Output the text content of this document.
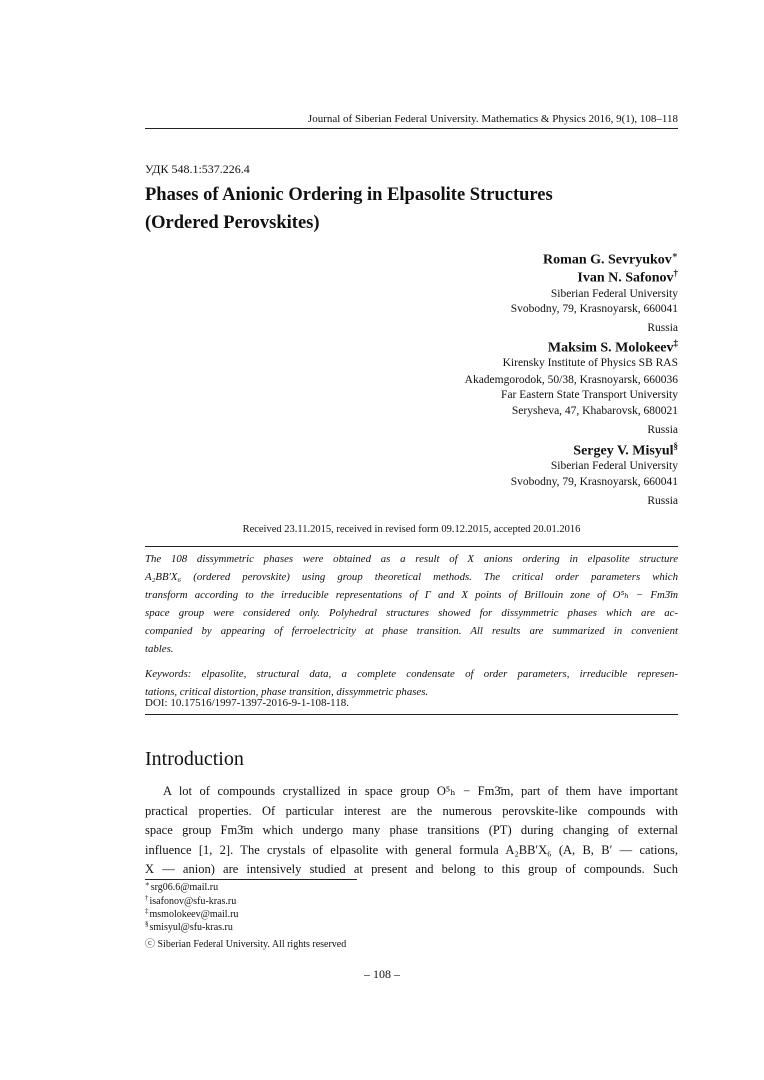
Journal of Siberian Federal University. Mathematics & Physics 2016, 9(1), 108–118
УДК 548.1:537.226.4
Phases of Anionic Ordering in Elpasolite Structures
(Ordered Perovskites)
Roman G. Sevryukov∗
Ivan N. Safonov†
Siberian Federal University
Svobodny, 79, Krasnoyarsk, 660041
Russia
Maksim S. Molokeev‡
Kirensky Institute of Physics SB RAS
Akademgorodok, 50/38, Krasnoyarsk, 660036
Far Eastern State Transport University
Serysheva, 47, Khabarovsk, 680021
Russia
Sergey V. Misyul§
Siberian Federal University
Svobodny, 79, Krasnoyarsk, 660041
Russia
Received 23.11.2015, received in revised form 09.12.2015, accepted 20.01.2016
The 108 dissymmetric phases were obtained as a result of X anions ordering in elpasolite structure
A₂BB′X₆ (ordered perovskite) using group theoretical methods. The critical order parameters which
transform according to the irreducible representations of Γ and X points of Brillouin zone of O⁵ₕ − Fm3̄m
space group were considered only. Polyhedral structures showed for dissymmetric phases which are ac-
companied by appearing of ferroelectricity at phase transition. All results are summarized in convenient
tables.
Keywords: elpasolite, structural data, a complete condensate of order parameters, irreducible represen-
tations, critical distortion, phase transition, dissymmetric phases.
DOI: 10.17516/1997-1397-2016-9-1-108-118.
Introduction
A lot of compounds crystallized in space group O⁵ₕ − Fm3̄m, part of them have important
practical properties. Of particular interest are the numerous perovskite-like compounds with
space group Fm3̄m which undergo many phase transitions (PT) during changing of external
influence [1, 2]. The crystals of elpasolite with general formula A₂BB′X₆ (A, B, B′ — cations,
X — anion) are intensively studied at present and belong to this group of compounds. Such
∗srg06.6@mail.ru
†isafonov@sfu-kras.ru
‡msmolokeev@mail.ru
§smisyul@sfu-kras.ru
ⓒ Siberian Federal University. All rights reserved
– 108 –
